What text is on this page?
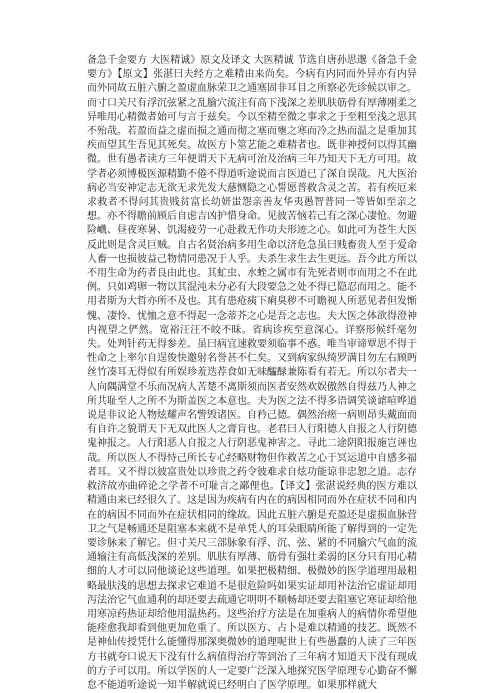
备急千金要方 大医精诚》原文及译文 大医精诚 节选自唐孙思邈《备急千金要方》【原文】张湛曰夫经方之难精由来尚矣。今病有内同而外异亦有内异而外同故五脏六腑之盈虚血脉荣卫之通塞固非耳目之所察必先诊候以审之。而寸口关尺有浮沉弦紧之乱腧穴流注有高下浅深之差肌肤筋骨有厚薄刚柔之异唯用心精微者始可与言于兹矣。今以至精至微之事求之于至粗至浅之思其不殆哉。若盈而益之虚而损之通而彻之塞而壅之寒而冷之热而温之是重加其疾而望其生吾见其死矣。故医方卜筮艺能之难精者也。既非神授何以得其幽微。世有愚者读方三年便谓天下无病可治及治病三年乃知天下无方可用。故学者必须博极医源精勤不倦不得道听途说而言医道已了深自误哉。凡大医治病必当安神定志无欲无求先发大慈恻隐之心誓愿普救含灵之苦。若有疾厄来求救者不得问其贵贱贫富长幼妍蚩怨亲善友华夷愚智普同一等皆如至亲之想。亦不得瞻前顾后自虑吉凶护惜身命。见彼苦恼若己有之深心凄怆。勿避险巇、昼夜寒暑、饥渴疲劳一心赴救无作功夫形迹之心。如此可为苍生大医反此则是含灵巨贼。自古名贤治病多用生命以济危急虽曰贱畜贵人至于爱命人畜一也损彼益己物情同患况于人乎。夫杀生求生去生更远。吾今此方所以不用生命为药者良由此也。其虻虫、水蛭之属市有先死者则市而用之不在此例。只如鸡卵一物以其混沌未分必有大段要急之处不得已隐忍而用之。能不用者斯为大哲亦所不及也。其有患疮痍下痢臭秽不可瞻视人所恶见者但发惭愧、凄怜、忧恤之意不得起一念蒂芥之心是吾之志也。夫大医之体欲得澄神内视望之俨然。宽裕汪汪不皎不昧。省病诊疾至意深心。详察形候纤毫勿失。处判针药无得参差。虽曰病宜速救要须临事不惑。唯当审谛覃思不得于性命之上率尔自逞俊快邀射名誉甚不仁矣。又到病家纵绮罗满目勿左右顾眄丝竹凑耳无得似有所娱珍羞迭荐食如无味醽醁兼陈看有若无。所以尔者夫一人向隅满堂不乐而况病人苦楚不离斯须而医者安然欢娱傲然自得兹乃人神之所共耻至人之所不为斯盖医之本意也。夫为医之法不得多语调笑谈谑喧哗道说是非议论人物炫耀声名訾毁诸医。自矜己德。偶然治瘥一病则昂头戴面而有自许之貌谓天下无双此医人之膏肓也。老君曰人行阳德人自报之人行阴德鬼神报之。人行阳恶人自报之人行阴恶鬼神害之。寻此二途阴阳报施岂诬也哉。所以医人不得恃己所长专心经略财物但作救苦之心于冥运道中自感多福者耳。又不得以彼富贵处以珍贵之药令彼难求自炫功能谅非忠恕之道。志存救济故亦曲碎论之学者不可耻言之鄙俚也。【译文】张湛说经典的医方难以精通由来已经很久了。这是因为疾病有内在的病因相同而外在症状不同和内在的病因不同而外在症状相同的缘故。因此五脏六腑是充盈还是虚损血脉营卫之气是畅通还是阻塞本来就不是单凭人的耳朵眼睛所能了解得到的一定先要诊脉来了解它。但寸关尺三部脉象有浮、沉、弦、紧的不同腧穴气血的流通输注有高低浅深的差别。肌肤有厚薄、筋骨有强壮柔弱的区分只有用心精细的人才可以同他谈论这些道理。如果把极精细、极微妙的医学道理用最粗略最肤浅的思想去探求它难道不是很危险吗如果实证却用补法治它虚证却用泻法治它气血通利的却还要去疏通它明明不顺畅却还要去阻塞它寒证却给他用寒凉药热证却给他用温热药。这些治疗方法是在加重病人的病情你希望他能痊愈我却看到他更加危重了。所以医方、占卜是难以精通的技艺。既然不是神仙传授凭什么能懂得那深奥微妙的道理呢世上有些愚蠢的人读了三年医方书就夸口说天下没有什么病值得治疗等到治了三年病才知道天下没有现成的方子可以用。所以学医的人一定要广泛深入地探究医学原理专心勤奋不懈怠不能道听途说一知半解就说已经明白了医学原理。如果那样就大
